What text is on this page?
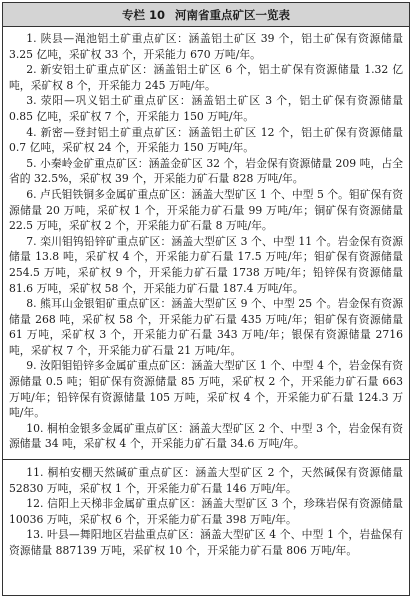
专栏 10 河南省重点矿区一览表

1. 陕县—渑池铝土矿重点矿区：涵盖铝土矿区 39 个，铝土矿保有资源储量 3.25 亿吨，采矿权 33 个，开采能力 670 万吨/年。

2. 新安铝土矿重点矿区：涵盖铝土矿区 6 个，铝土矿保有资源储量 1.32 亿吨，采矿权 8 个，开采能力 245 万吨/年。

3. 荥阳—巩义铝土矿重点矿区：涵盖铝土矿区 3 个，铝土矿保有资源储量 0.85 亿吨，采矿权 7 个，开采能力 150 万吨/年。

4. 新密—登封铝土矿重点矿区：涵盖铝土矿区 12 个，铝土矿保有资源储量 0.7 亿吨，采矿权 24 个，开采能力 150 万吨/年。

5. 小秦岭金矿重点矿区：涵盖金矿区 32 个，岩金保有资源储量 209 吨，占全省的 32.5%，采矿权 39 个，开采能力矿石量 828 万吨/年。

6. 卢氏钼铁铜多金属矿重点矿区：涵盖大型矿区 1 个、中型 5 个。钼矿保有资源储量 20 万吨，采矿权 1 个，开采能力矿石量 99 万吨/年；铜矿保有资源储量 22.5 万吨，采矿权 2 个，开采能力矿石量 8 万吨/年。

7. 栾川钼钨铅锌矿重点矿区：涵盖大型矿区 3 个、中型 11 个。岩金保有资源储量 13.8 吨，采矿权 4 个，开采能力矿石量 17.5 万吨/年；钼矿保有资源储量 254.5 万吨，采矿权 9 个，开采能力矿石量 1738 万吨/年；铅锌保有资源储量 81.6 万吨，采矿权 58 个，开采能力矿石量 187.4 万吨/年。

8. 熊耳山金银钼矿重点矿区：涵盖大型矿区 9 个、中型 25 个。岩金保有资源储量 268 吨，采矿权 58 个，开采能力矿石量 435 万吨/年；钼矿保有资源储量 61 万吨，采矿权 3 个，开采能力矿石量 343 万吨/年；银保有资源储量 2716 吨，采矿权 7 个，开采能力矿石量 21 万吨/年。

9. 汝阳钼铅锌多金属矿重点矿区：涵盖大型矿区 1 个、中型 4 个，岩金保有资源储量 0.5 吨；钼矿保有资源储量 85 万吨，采矿权 2 个，开采能力矿石量 663 万吨/年；铅锌保有资源储量 105 万吨，采矿权 4 个，开采能力矿石量 124.3 万吨/年。

10. 桐柏金银多金属矿重点矿区：涵盖大型矿区 2 个、中型 3 个，岩金保有资源储量 34 吨，采矿权 4 个，开采能力矿石量 34.6 万吨/年。

11. 桐柏安棚天然碱矿重点矿区：涵盖大型矿区 2 个，天然碱保有资源储量 52830 万吨，采矿权 1 个，开采能力矿石量 146 万吨/年。

12. 信阳上天梯非金属矿重点矿区：涵盖大型矿区 3 个，珍珠岩保有资源储量 10036 万吨，采矿权 6 个，开采能力矿石量 398 万吨/年。

13. 叶县—舞阳地区岩盐重点矿区：涵盖大型矿区 4 个、中型 1 个，岩盐保有资源储量 887139 万吨，采矿权 10 个，开采能力矿石量 806 万吨/年。
